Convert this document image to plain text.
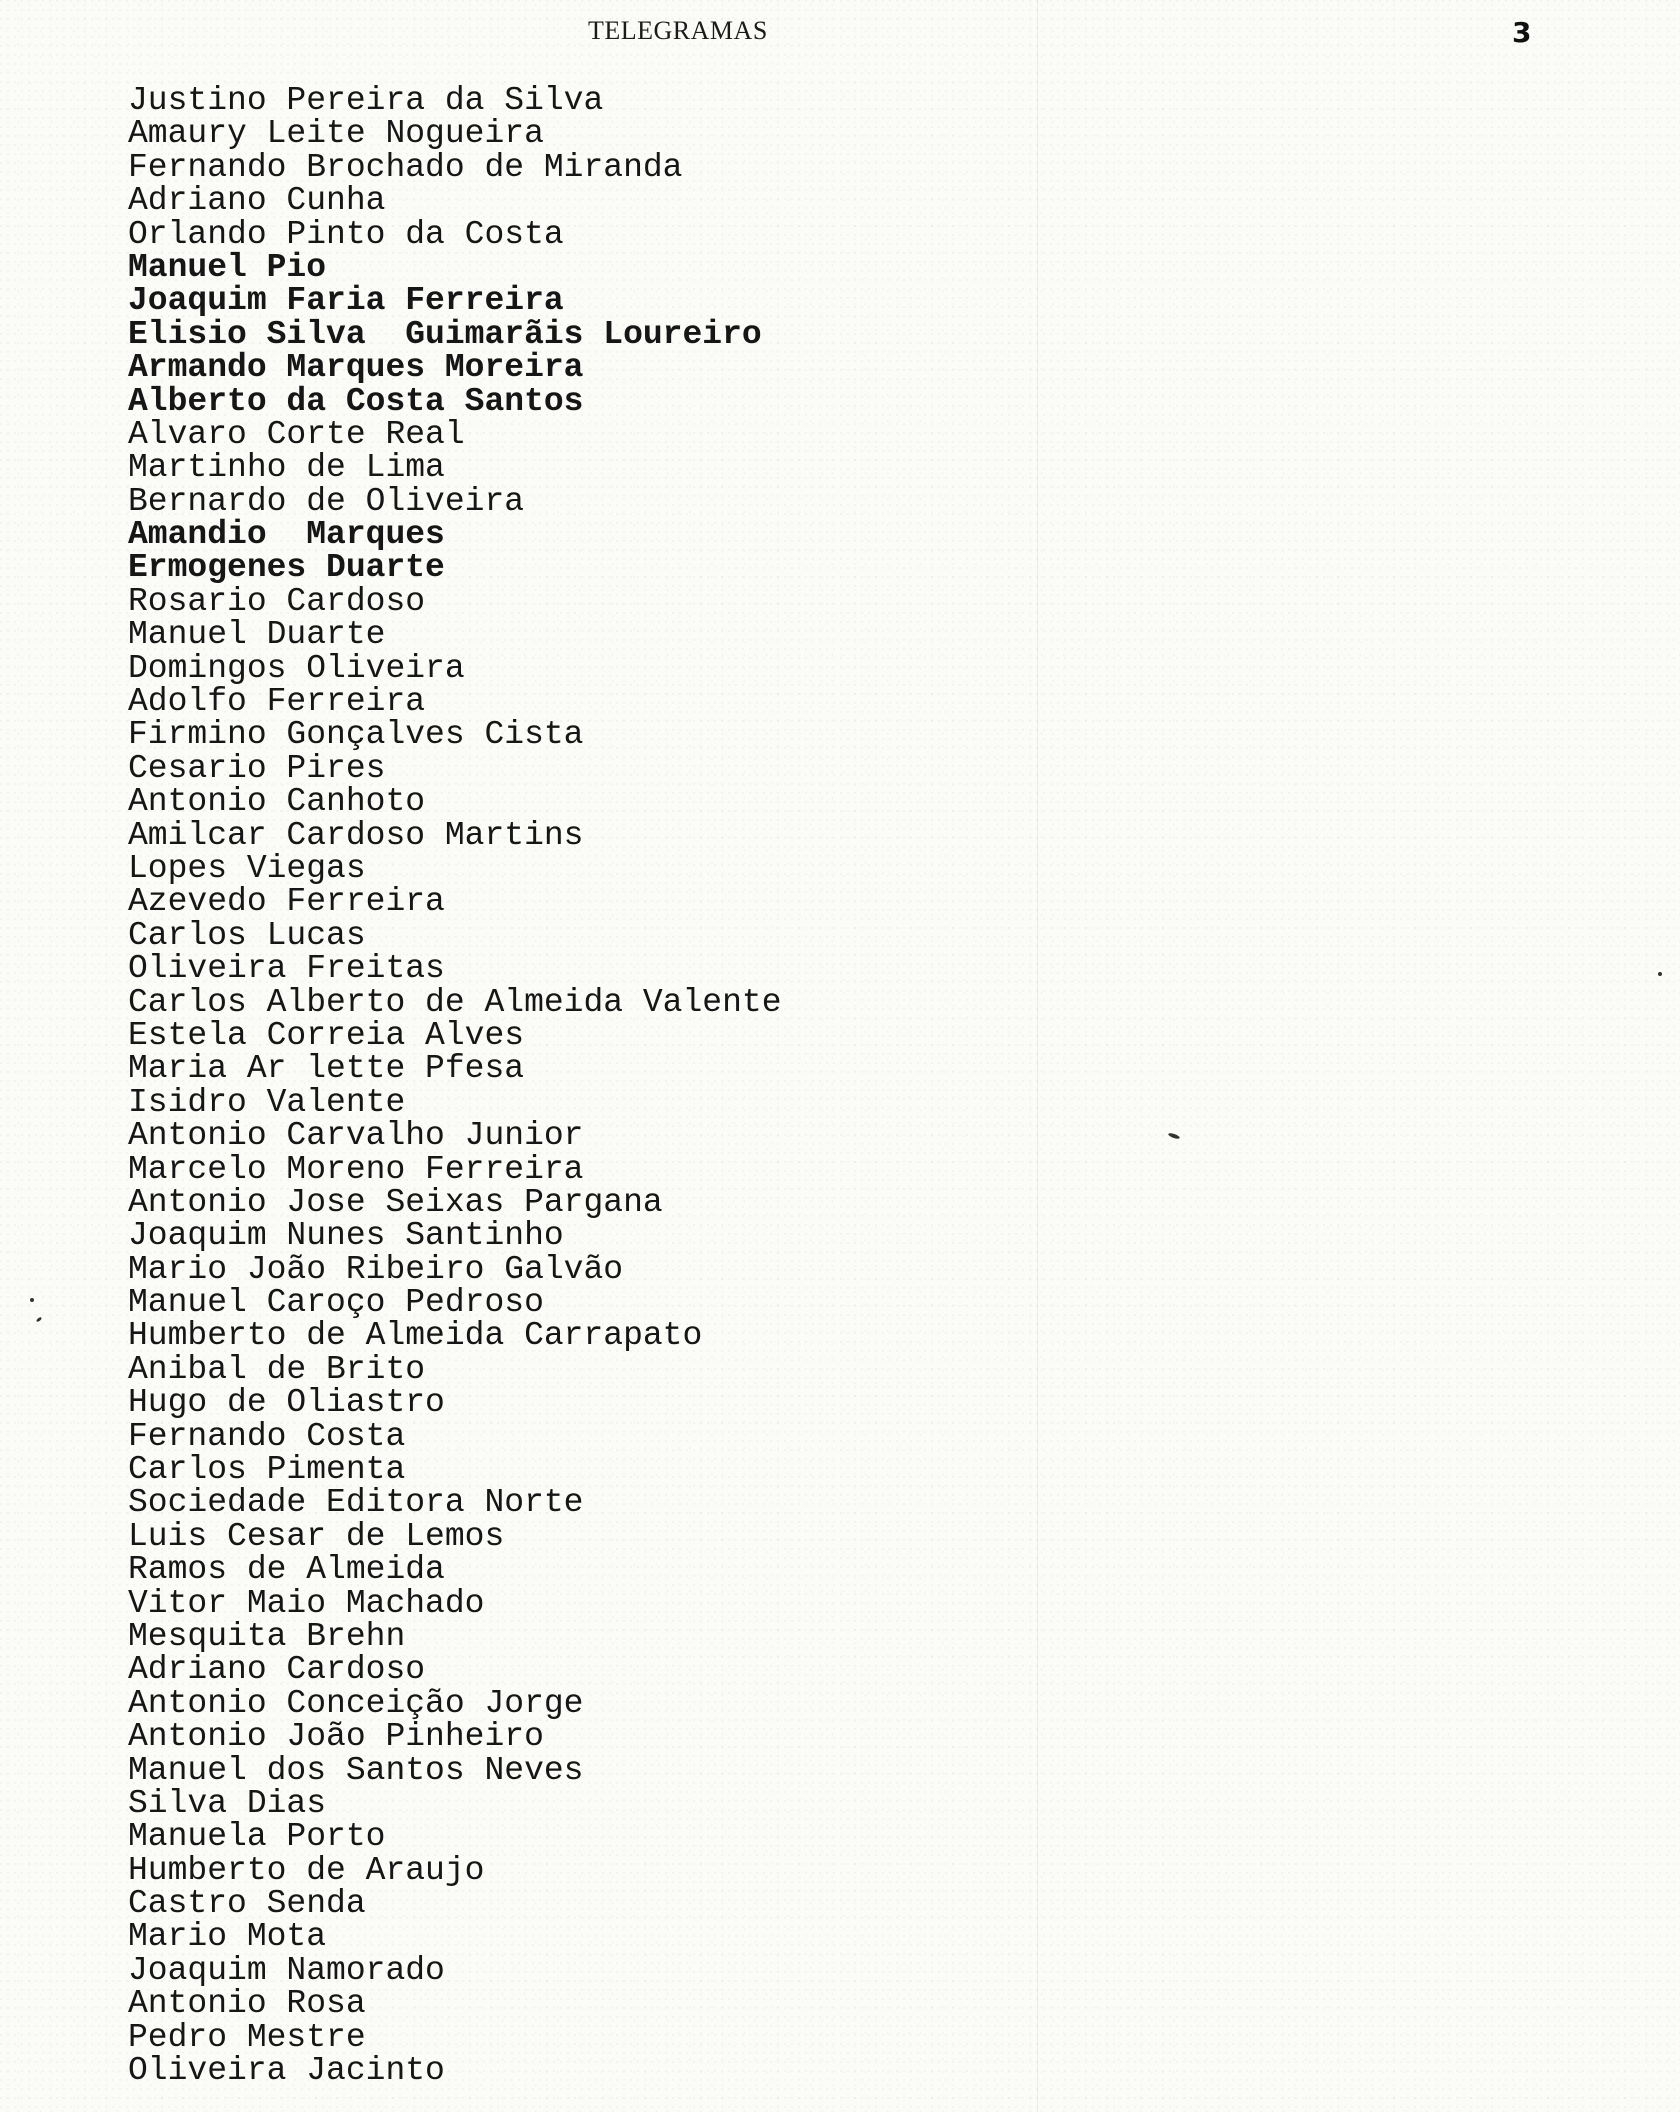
TELEGRAMAS	3
Justino Pereira da Silva
Amaury Leite Nogueira
Fernando Brochado de Miranda
Adriano Cunha
Orlando Pinto da Costa
Manuel Pio
Joaquim Faria Ferreira
Elisio Silva  Guimarãis Loureiro
Armando Marques Moreira
Alberto da Costa Santos
Alvaro Corte Real
Martinho de Lima
Bernardo de Oliveira
Amandio  Marques
Ermogenes Duarte
Rosario Cardoso
Manuel Duarte
Domingos Oliveira
Adolfo Ferreira
Firmino Gonçalves Cista
Cesario Pires
Antonio Canhoto
Amilcar Cardoso Martins
Lopes Viegas
Azevedo Ferreira
Carlos Lucas
Oliveira Freitas
Carlos Alberto de Almeida Valente
Estela Correia Alves
Maria Ar lette Pfesa
Isidro Valente
Antonio Carvalho Junior
Marcelo Moreno Ferreira
Antonio Jose Seixas Pargana
Joaquim Nunes Santinho
Mario João Ribeiro Galvão
Manuel Caroço Pedroso
Humberto de Almeida Carrapato
Anibal de Brito
Hugo de Oliastro
Fernando Costa
Carlos Pimenta
Sociedade Editora Norte
Luis Cesar de Lemos
Ramos de Almeida
Vitor Maio Machado
Mesquita Brehn
Adriano Cardoso
Antonio Conceição Jorge
Antonio João Pinheiro
Manuel dos Santos Neves
Silva Dias
Manuela Porto
Humberto de Araujo
Castro Senda
Mario Mota
Joaquim Namorado
Antonio Rosa
Pedro Mestre
Oliveira Jacinto
